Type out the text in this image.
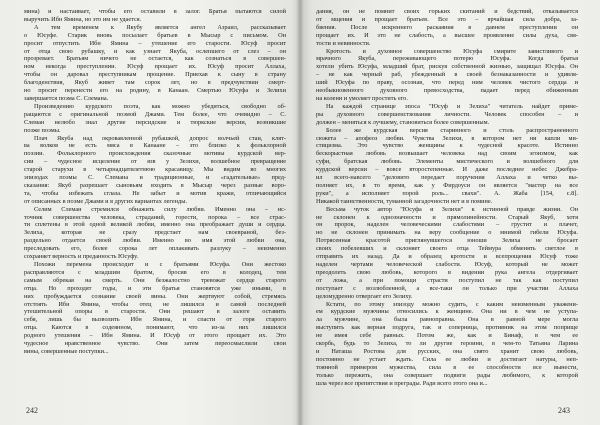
мина) и настаивает, чтобы его оставили в залог. Братья пытаются силой
выручить Ибн Ямина, но это им не удается.
А тем временем к Якубу является ангел Азраил, рассказывает
о Юсуфе. Старик вновь посылает братьев в Мысыр с письмом. Он
просит отпустить Ибн Ямина – утешение его старости. Юсуф просит
от отца свою рубашку, и как узнает Якуба, ослепшего от слез – он
прозревает. Братьям ничего не остается, как сознаться в совершен-
ном некогда преступлении. Юсуф прощает их. Юсуф просит Аллаха,
чтобы он даровал преступникам прощение. Приехав к сыну в страну
благоденствия, Якуб живет там сорок лет, но в предчувствии смерт-
но просит перенести его на родину, в Канаан. Смертью Юсуфа и Зелихи
завершается поэма С. Слемана.
Произведению курдского поэта, как можно убедиться, свободно об-
ращаются с оригинальной поэмой Джами. Тем более, что очевидно – С.
Слеман нелюбо знал другие персидские и тюркские версии, возникшие
позже поэмы.
Плач Якуба над окровавленной рубашкой, допрос волчьей стаи, клят-
ва волков не есть мяса в Канаане – это близко к фольклорной
поэзии. Фольклорного происхождения сказочные мотивы курдской вер-
сии – чудесное исцеление от язв у Зелихи, волшебное превращение
старой старухи в четырнадцатилетнюю красавицу. Мы видим во многих
эпизодах поэмы С. Слемана и традиционные, и «гадательные» пред-
сказания: Якуб разрешает сыновьям входить в Мысыр через разные ворo-
та, чтобы избежать сглаза. Не забыт и мотив кражи, отличающийся
от описанных в поэме Джами и в других вариантах легенды.
Селим Слеман стремился обнажить силу любви. Именно она – ис-
точник совершенства человека, страданий, горести, порока – все страс-
ти сплетены в этой одной великой любви, именно она преображает души и сердца.
Зелиха, которая не сразу предстает нам своевраной, без-
раздельно отдается своей любви. Именно во имя этой любви она,
преследовать его, более сорока лет оплакивать разлуку – неизменно
сохраняет верность и преданность Юсуфу.
Похожи перемена происходит и с братьями Юсуфа. Они жестоко
расправляются с младшим братом, бросив его в колодец, тем
самым обрекая на смерть. Они безжалостно тревожат сердце старого
отца. Но проходят годы, и эти братья становятся уже иными, в
них пробуждается сознание своей вины. Они жертвуют собой, стремясь
отстоять Ибн Ямина, чтобы отец не лишился и самой последней
утешительной опоры в старости. Они решают в залоге оставить
себя, лишь бы вызволить Ибн Ямина, и спасти от горя старого
отца. Каются в содеянном, понимают, что из-за них лишился
родного утешения – Ибн Ямина. И Юсуф от этого прощает их. Это
чудесное нравственное чувство. Они затем переосмыслили свои
вины, совершенные поступки...
242
дания, он не помнит своих горьких скитаний и бедствий, отказывается
от мщения и прощает братьев. Все это – ярчайшая сила добра, за-
бвения. После искреннего раскаяния в давнем преступлении он
прощает их. И это не слабость, а высшее проявление силы духа, свя-
тости и невинности.
Кротость и духовное совершенство Юсуфа смирите завистливого и
мрачного Якуба, переживающего потерю Юсуфа. Когда братья
хотели убить Юсуфа, младший брат, рискуя собственной жизнью, защищал Юсуфа. Он
– не как черный раб, убежденный в своей безнаказанности и удивля-
ший Юсуфа по праву, осознав, что перед ним человек чистого сердца и
необыкновенного духовного превосходства, падает перед обиженным
на колени и умоляет простить его.
На каждой странице эпоса "Юсуф и Зелиха" читатель найдет приме-
ры духовного совершенствования личности. Человек способен – и
должен – меняться к лучшему, становиться более совершенным.
Более же курдская версия старинного и столь распространенного
сюжета – апофеоз любви. Чувства Зелихи, в котором нет ни капли ми-
стицизма. Это чувство женщины к чудесной красоте. Истинно
бескорыстная любовь возвышает человека над своим эгоизмом, как
суфи, братская любовь. Элементы мистического и волшебного для
курдской версии – вовсе второстепенные. И даже последнее небес Джебра-
ил всего-навсего "деловито передает поручения Аллаха и четко вы-
полняет их, в то время, как у Фирдоуси он является "мастер на все
руки", а исполняет порой роль... свахи". А. Жаба [154, с.8].
Никакой таинственности, туманной загадочности нет и в помине.
Весьма чуток автор "Юсуфа и Зелихи" к истинной правде жизни. Он
не склонен к однозначности и прямолинейности. Старый Якуб, хотя
он пророк, наделен человеческими слабостями – грустит и плачет,
но не склонен принимать на веру сообщение о мнимой гибели Юсуфа.
Потрясенная красотой приглянувшегося юноши Зелиха не бросает
своих побелевших и склоняет своего отца Теймура обменять светлое в
отправить их назад. Да и образец кротости и всепрощения Юсуф тоже
наделен чертами человеческой слабости. Юсуф, который не может
преодолеть свою любовь, которого в видении рука ангела отдергивает
от ложа, а при помощи страсти поступил не так как поступил
поступает с возлюбленной, а все-таки он только при участии Аллаха
целомудренно отвергает его Зелиху.
Кстати, по этому эпизоду можно судить, с каким неизменным уважени-
ем курдские мужчины относились к женщине. Она ни в чем не уступа-
ла мужчине, она была равноправна. Она в равной мере могла
выступить как верная подруга, так и соперница, противник на этом поприще
не имея себе равных. Потом же, как и Бинаф, в чем ее
скорбь, будь то Зелиха, то ли другие героини, в чем-то Татьяна Ларина
и Наташа Ростова для русских, она свято хранит свою любовь,
постоянно не устает ждать. Сила ее любви и достигает натуры, неп-
тоянной примером мужества, сила в ее способности все вынести,
только пережить, она совершает подвиги рады любимого, к которой
шла через все препятствия и преграды. Ради всего этого она и...
243
